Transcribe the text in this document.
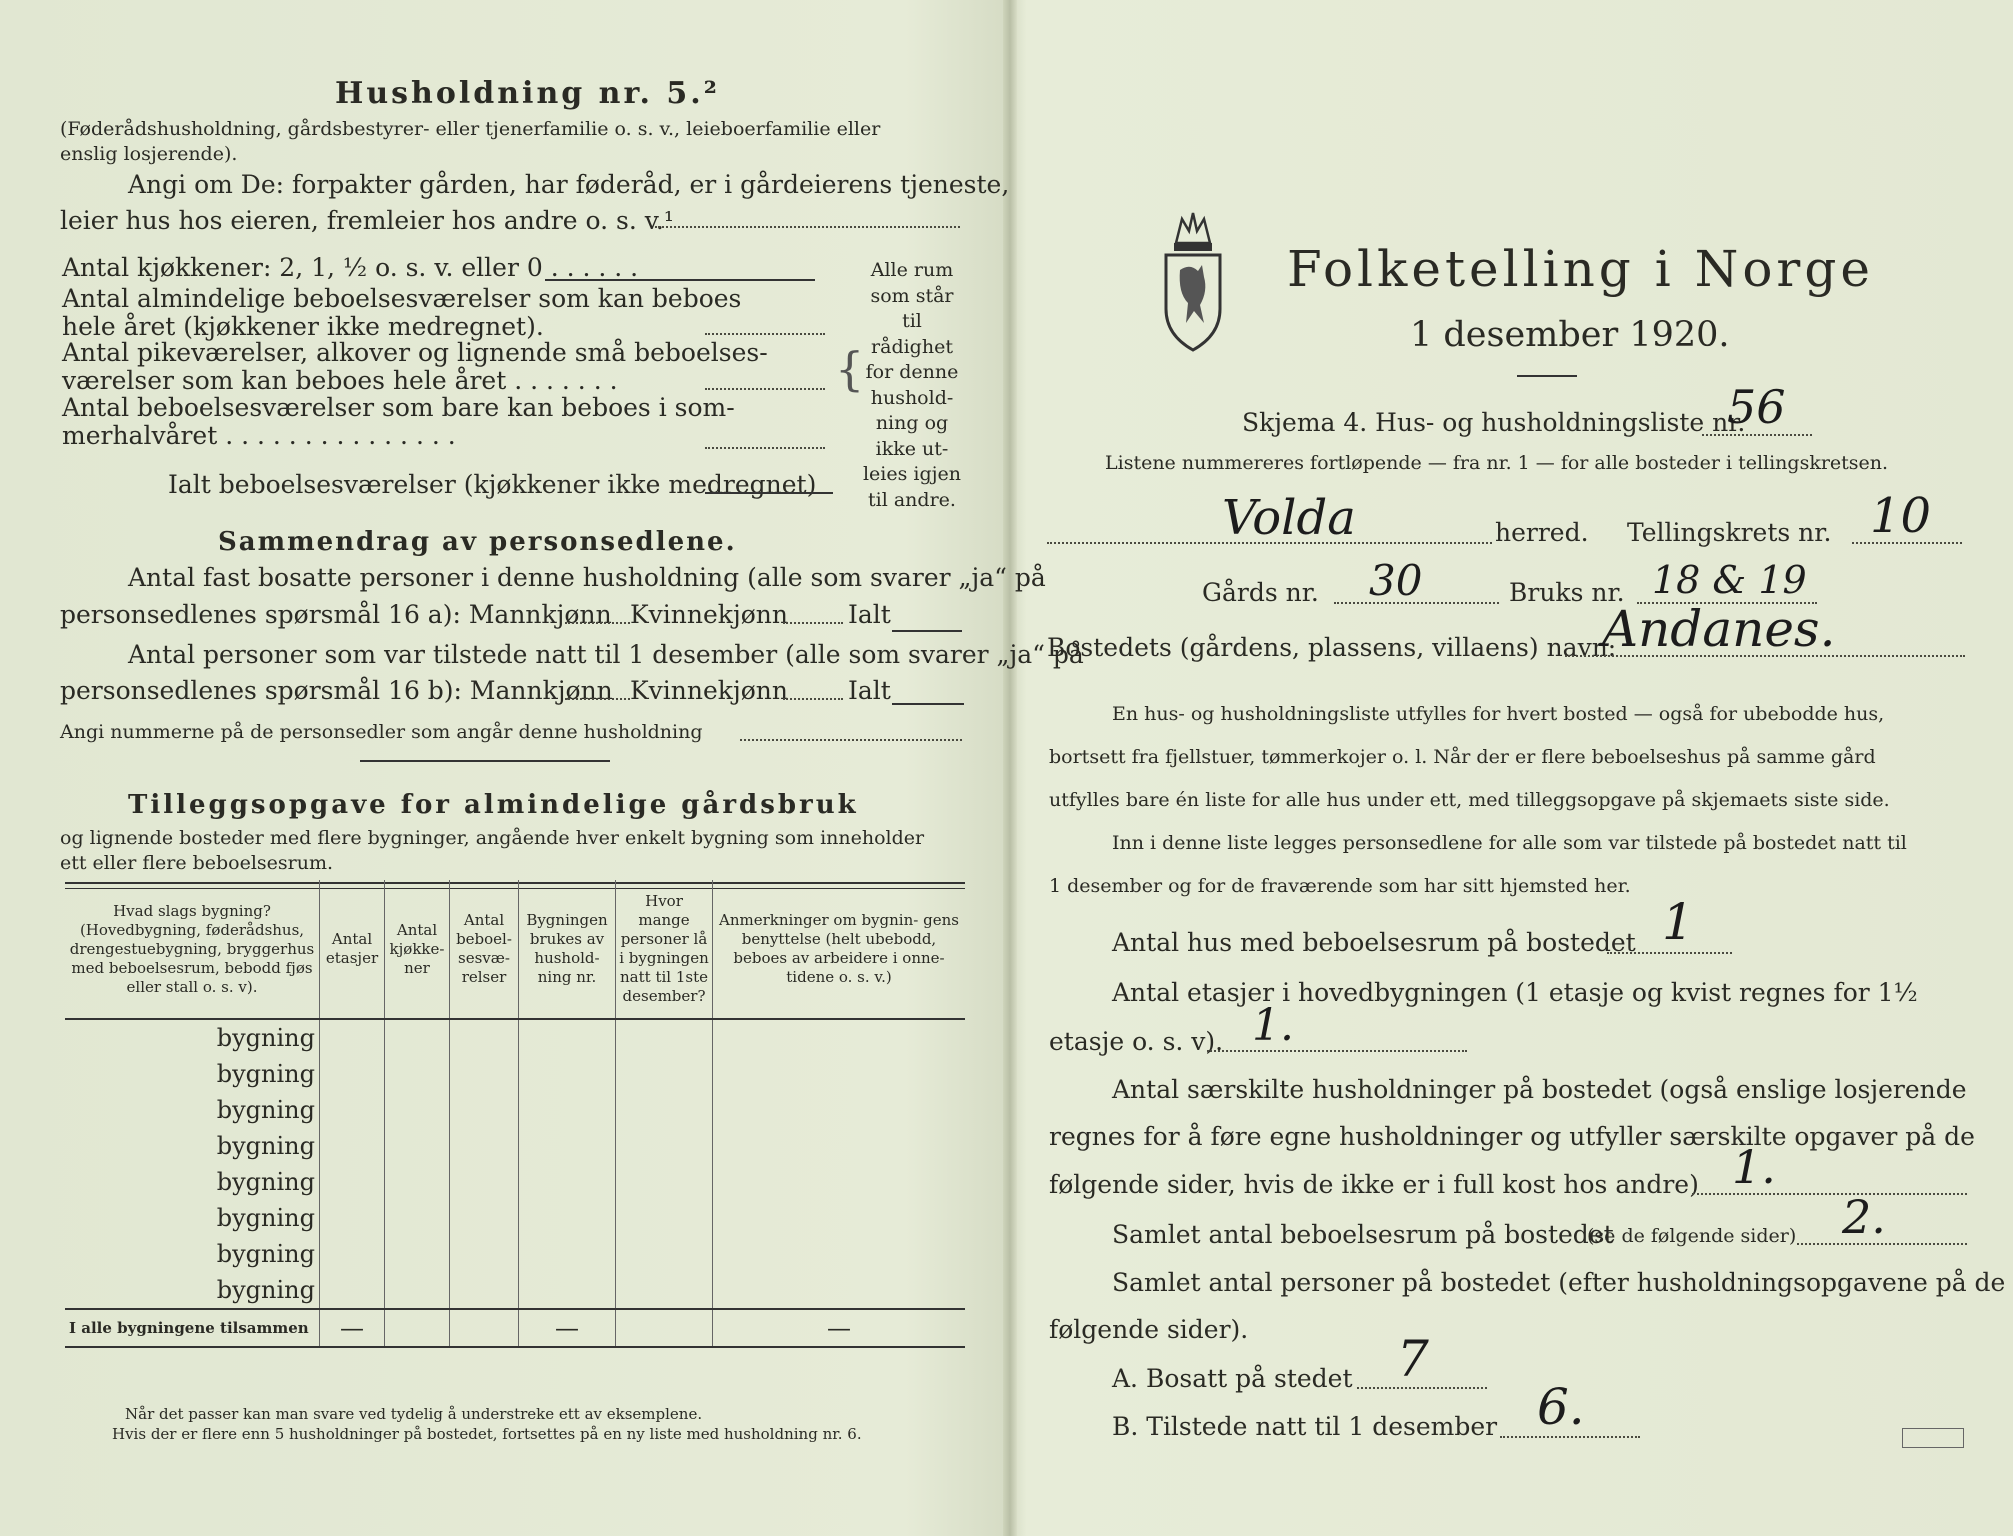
Husholdning nr. 5.²
(Føderådshusholdning, gårdsbestyrer- eller tjenerfamilie o. s. v., leieboerfamilie eller
enslig losjerende).
Angi om De: forpakter gården, har føderåd, er i gårdeierens tjeneste,
leier hus hos eieren, fremleier hos andre o. s. v.¹
Antal kjøkkener: 2, 1, ½ o. s. v. eller 0 . . . . . .
Antal almindelige beboelsesværelser som kan beboes
hele året (kjøkkener ikke medregnet).
Antal pikeværelser, alkover og lignende små beboelses-
værelser som kan beboes hele året . . . . . . .
Antal beboelsesværelser som bare kan beboes i som-
merhalvåret . . . . . . . . . . . . . . .
{
Alle rum
som står til
rådighet
for denne
hushold-
ning og
ikke ut-
leies igjen
til andre.
Ialt beboelsesværelser (kjøkkener ikke medregnet)
Sammendrag av personsedlene.
Antal fast bosatte personer i denne husholdning (alle som svarer „ja“ på
personsedlenes spørsmål 16 a): Mannkjønn Kvinnekjønn Ialt
Antal personer som var tilstede natt til 1 desember (alle som svarer „ja“ på
personsedlenes spørsmål 16 b): Mannkjønn Kvinnekjønn Ialt
Angi nummerne på de personsedler som angår denne husholdning
Tilleggsopgave for almindelige gårdsbruk
og lignende bosteder med flere bygninger, angående hver enkelt bygning som inneholder
ett eller flere beboelsesrum.
Hvad slags bygning? (Hovedbygning, føderådshus, drengestuebygning, bryggerhus med beboelsesrum, bebodd fjøs eller stall o. s. v).	Antal etasjer	Antal kjøkke- ner	Antal beboel- sesvæ- relser	Bygningen brukes av hushold- ning nr.	Hvor mange personer lå i bygningen natt til 1ste desember?	Anmerkninger om bygnin- gens benyttelse (helt ubebodd, beboes av arbeidere i onne- tidene o. s. v.)
bygning						
bygning						
bygning						
bygning						
bygning						
bygning						
bygning						
bygning						
I alle bygningene tilsammen	—			—		—
Når det passer kan man svare ved tydelig å understreke ett av eksemplene.
Hvis der er flere enn 5 husholdninger på bostedet, fortsettes på en ny liste med husholdning nr. 6.
Folketelling i Norge
1 desember 1920.
Skjema 4. Hus- og husholdningsliste nr.
56
Listene nummereres fortløpende — fra nr. 1 — for alle bosteder i tellingskretsen.
Volda	herred. Tellingskrets nr. 10
Gårds nr. 30	Bruks nr. 18 & 19
Bostedets (gårdens, plassens, villaens) navn:
Andanes.
En hus- og husholdningsliste utfylles for hvert bosted — også for ubebodde hus,
bortsett fra fjellstuer, tømmerkojer o. l. Når der er flere beboelseshus på samme gård
utfylles bare én liste for alle hus under ett, med tilleggsopgave på skjemaets siste side.
Inn i denne liste legges personsedlene for alle som var tilstede på bostedet natt til
1 desember og for de fraværende som har sitt hjemsted her.
Antal hus med beboelsesrum på bostedet 1
Antal etasjer i hovedbygningen (1 etasje og kvist regnes for 1½
etasje o. s. v). 1.
Antal særskilte husholdninger på bostedet (også enslige losjerende
regnes for å føre egne husholdninger og utfyller særskilte opgaver på de
følgende sider, hvis de ikke er i full kost hos andre) 1.
Samlet antal beboelsesrum på bostedet
(se de følgende sider) 2.
Samlet antal personer på bostedet (efter husholdningsopgavene på de
følgende sider).
A. Bosatt på stedet 7
B. Tilstede natt til 1 desember 6.
